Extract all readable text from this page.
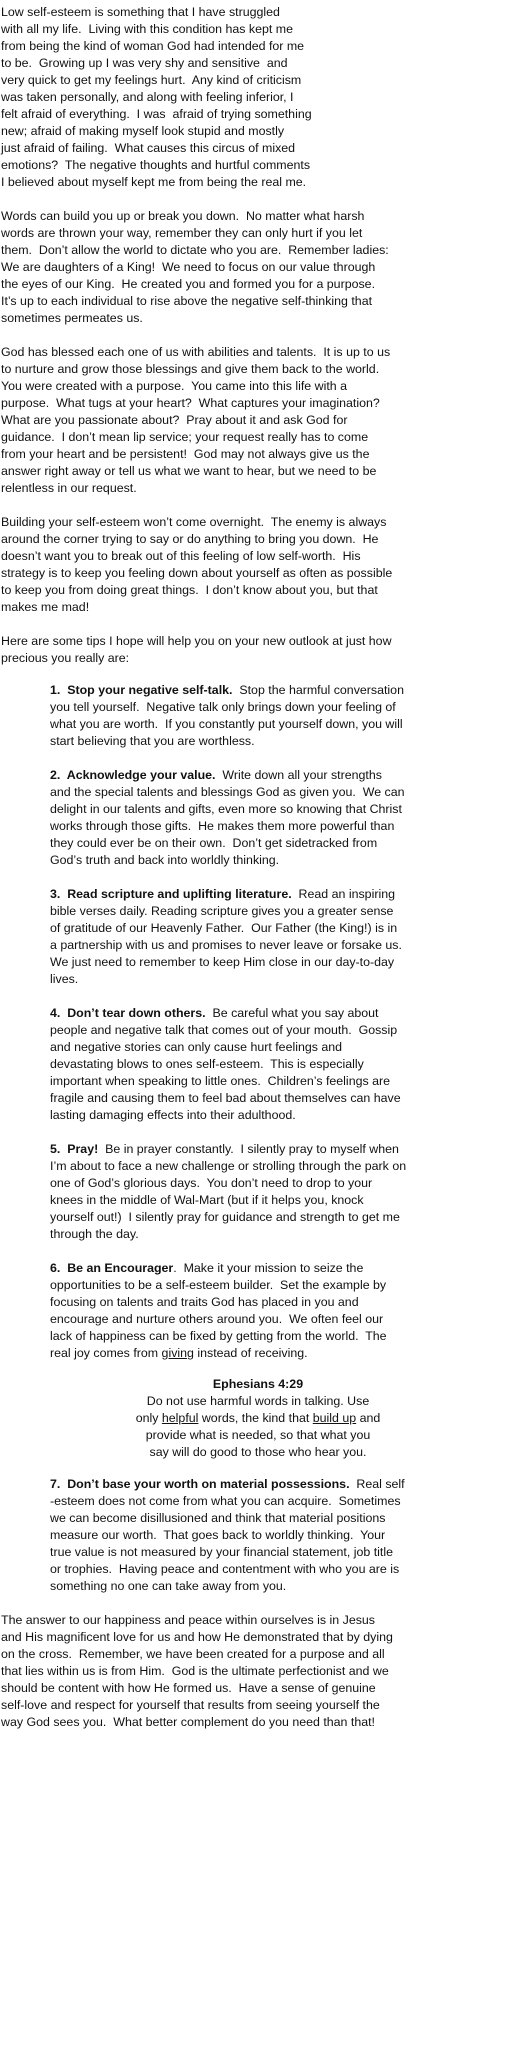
Low self-esteem is something that I have struggled
with all my life.  Living with this condition has kept me
from being the kind of woman God had intended for me
to be.  Growing up I was very shy and sensitive  and
very quick to get my feelings hurt.  Any kind of criticism
was taken personally, and along with feeling inferior, I
felt afraid of everything.  I was  afraid of trying something
new; afraid of making myself look stupid and mostly
just afraid of failing.  What causes this circus of mixed
emotions?  The negative thoughts and hurtful comments
I believed about myself kept me from being the real me.
Words can build you up or break you down.  No matter what harsh
words are thrown your way, remember they can only hurt if you let
them.  Don’t allow the world to dictate who you are.  Remember ladies:
We are daughters of a King!  We need to focus on our value through
the eyes of our King.  He created you and formed you for a purpose.
It’s up to each individual to rise above the negative self-thinking that
sometimes permeates us.
God has blessed each one of us with abilities and talents.  It is up to us
to nurture and grow those blessings and give them back to the world.
You were created with a purpose.  You came into this life with a
purpose.  What tugs at your heart?  What captures your imagination?
What are you passionate about?  Pray about it and ask God for
guidance.  I don’t mean lip service; your request really has to come
from your heart and be persistent!  God may not always give us the
answer right away or tell us what we want to hear, but we need to be
relentless in our request.
Building your self-esteem won’t come overnight.  The enemy is always
around the corner trying to say or do anything to bring you down.  He
doesn’t want you to break out of this feeling of low self-worth.  His
strategy is to keep you feeling down about yourself as often as possible
to keep you from doing great things.  I don’t know about you, but that
makes me mad!
Here are some tips I hope will help you on your new outlook at just how
precious you really are:
1.  Stop your negative self-talk.  Stop the harmful conversation
you tell yourself.  Negative talk only brings down your feeling of
what you are worth.  If you constantly put yourself down, you will
start believing that you are worthless.
2.  Acknowledge your value.  Write down all your strengths
and the special talents and blessings God as given you.  We can
delight in our talents and gifts, even more so knowing that Christ
works through those gifts.  He makes them more powerful than
they could ever be on their own.  Don’t get sidetracked from
God’s truth and back into worldly thinking.
3.  Read scripture and uplifting literature.  Read an inspiring
bible verses daily. Reading scripture gives you a greater sense
of gratitude of our Heavenly Father.  Our Father (the King!) is in
a partnership with us and promises to never leave or forsake us.
We just need to remember to keep Him close in our day-to-day
lives.
4.  Don’t tear down others.  Be careful what you say about
people and negative talk that comes out of your mouth.  Gossip
and negative stories can only cause hurt feelings and
devastating blows to ones self-esteem.  This is especially
important when speaking to little ones.  Children’s feelings are
fragile and causing them to feel bad about themselves can have
lasting damaging effects into their adulthood.
5.  Pray!  Be in prayer constantly.  I silently pray to myself when
I’m about to face a new challenge or strolling through the park on
one of God’s glorious days.  You don’t need to drop to your
knees in the middle of Wal-Mart (but if it helps you, knock
yourself out!)  I silently pray for guidance and strength to get me
through the day.
6.  Be an Encourager.  Make it your mission to seize the
opportunities to be a self-esteem builder.  Set the example by
focusing on talents and traits God has placed in you and
encourage and nurture others around you.  We often feel our
lack of happiness can be fixed by getting from the world.  The
real joy comes from giving instead of receiving.
Ephesians 4:29
Do not use harmful words in talking. Use
only helpful words, the kind that build up and
provide what is needed, so that what you
say will do good to those who hear you.
7.  Don’t base your worth on material possessions.  Real self
-esteem does not come from what you can acquire.  Sometimes
we can become disillusioned and think that material positions
measure our worth.  That goes back to worldly thinking.  Your
true value is not measured by your financial statement, job title
or trophies.  Having peace and contentment with who you are is
something no one can take away from you.
The answer to our happiness and peace within ourselves is in Jesus
and His magnificent love for us and how He demonstrated that by dying
on the cross.  Remember, we have been created for a purpose and all
that lies within us is from Him.  God is the ultimate perfectionist and we
should be content with how He formed us.  Have a sense of genuine
self-love and respect for yourself that results from seeing yourself the
way God sees you.  What better complement do you need than that!
